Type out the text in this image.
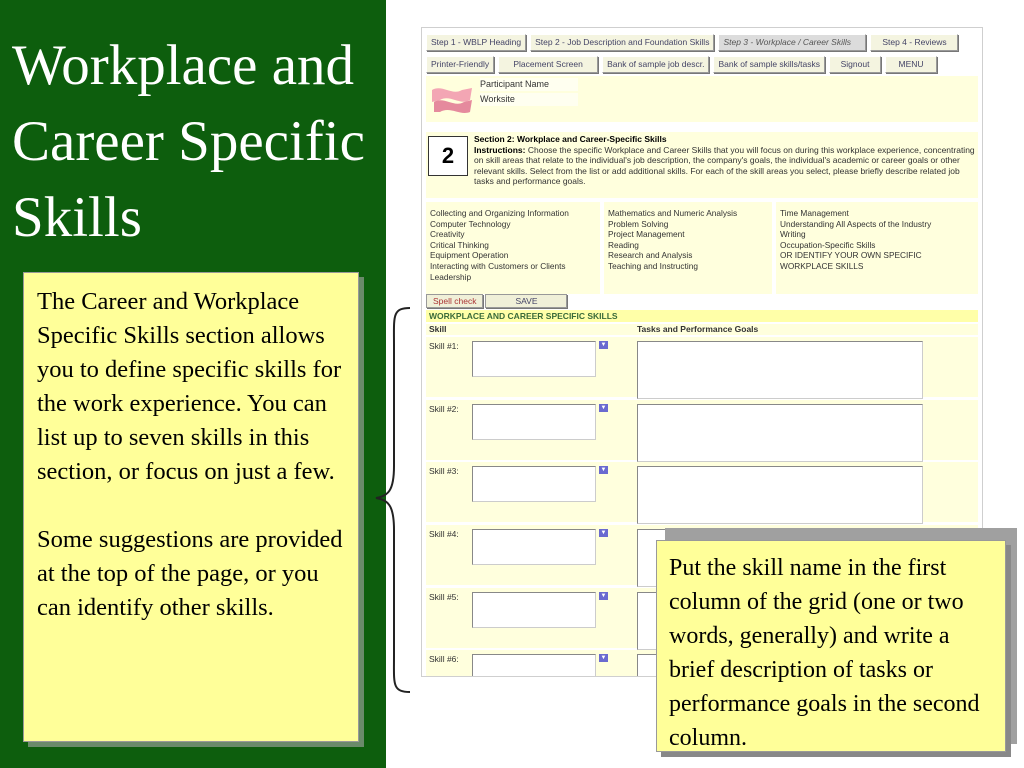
Workplace and Career Specific Skills

The Career and Workplace Specific Skills section allows you to define specific skills for the work experience. You can list up to seven skills in this section, or focus on just a few.

Some suggestions are provided at the top of the page, or you can identify other skills.

Step 1 - WBLP Heading	Step 2 - Job Description and Foundation Skills	Step 3 - Workplace / Career Skills	Step 4 - Reviews
Printer-Friendly	Placement Screen	Bank of sample job descr.	Bank of sample skills/tasks	Signout	MENU
Participant Name
Worksite
2
Section 2: Workplace and Career-Specific Skills
Instructions: Choose the specific Workplace and Career Skills that you will focus on during this workplace experience, concentrating on skill areas that relate to the individual's job description, the company's goals, the individual's academic or career goals or other relevant skills. Select from the list or add additional skills. For each of the skill areas you select, please briefly describe related job tasks and performance goals.
Collecting and Organizing Information
Computer Technology
Creativity
Critical Thinking
Equipment Operation
Interacting with Customers or Clients
Leadership
Mathematics and Numeric Analysis
Problem Solving
Project Management
Reading
Research and Analysis
Teaching and Instructing
Time Management
Understanding All Aspects of the Industry
Writing
Occupation-Specific Skills
OR IDENTIFY YOUR OWN SPECIFIC
WORKPLACE SKILLS
Spell check	SAVE
WORKPLACE AND CAREER SPECIFIC SKILLS
Skill	Tasks and Performance Goals
Skill #1:	▼
Skill #2:	▼
Skill #3:	▼
Skill #4:	▼
Skill #5:	▼
Skill #6:	▼
Put the skill name in the first column of the grid (one or two words, generally) and write a brief description of tasks or performance goals in the second column.
